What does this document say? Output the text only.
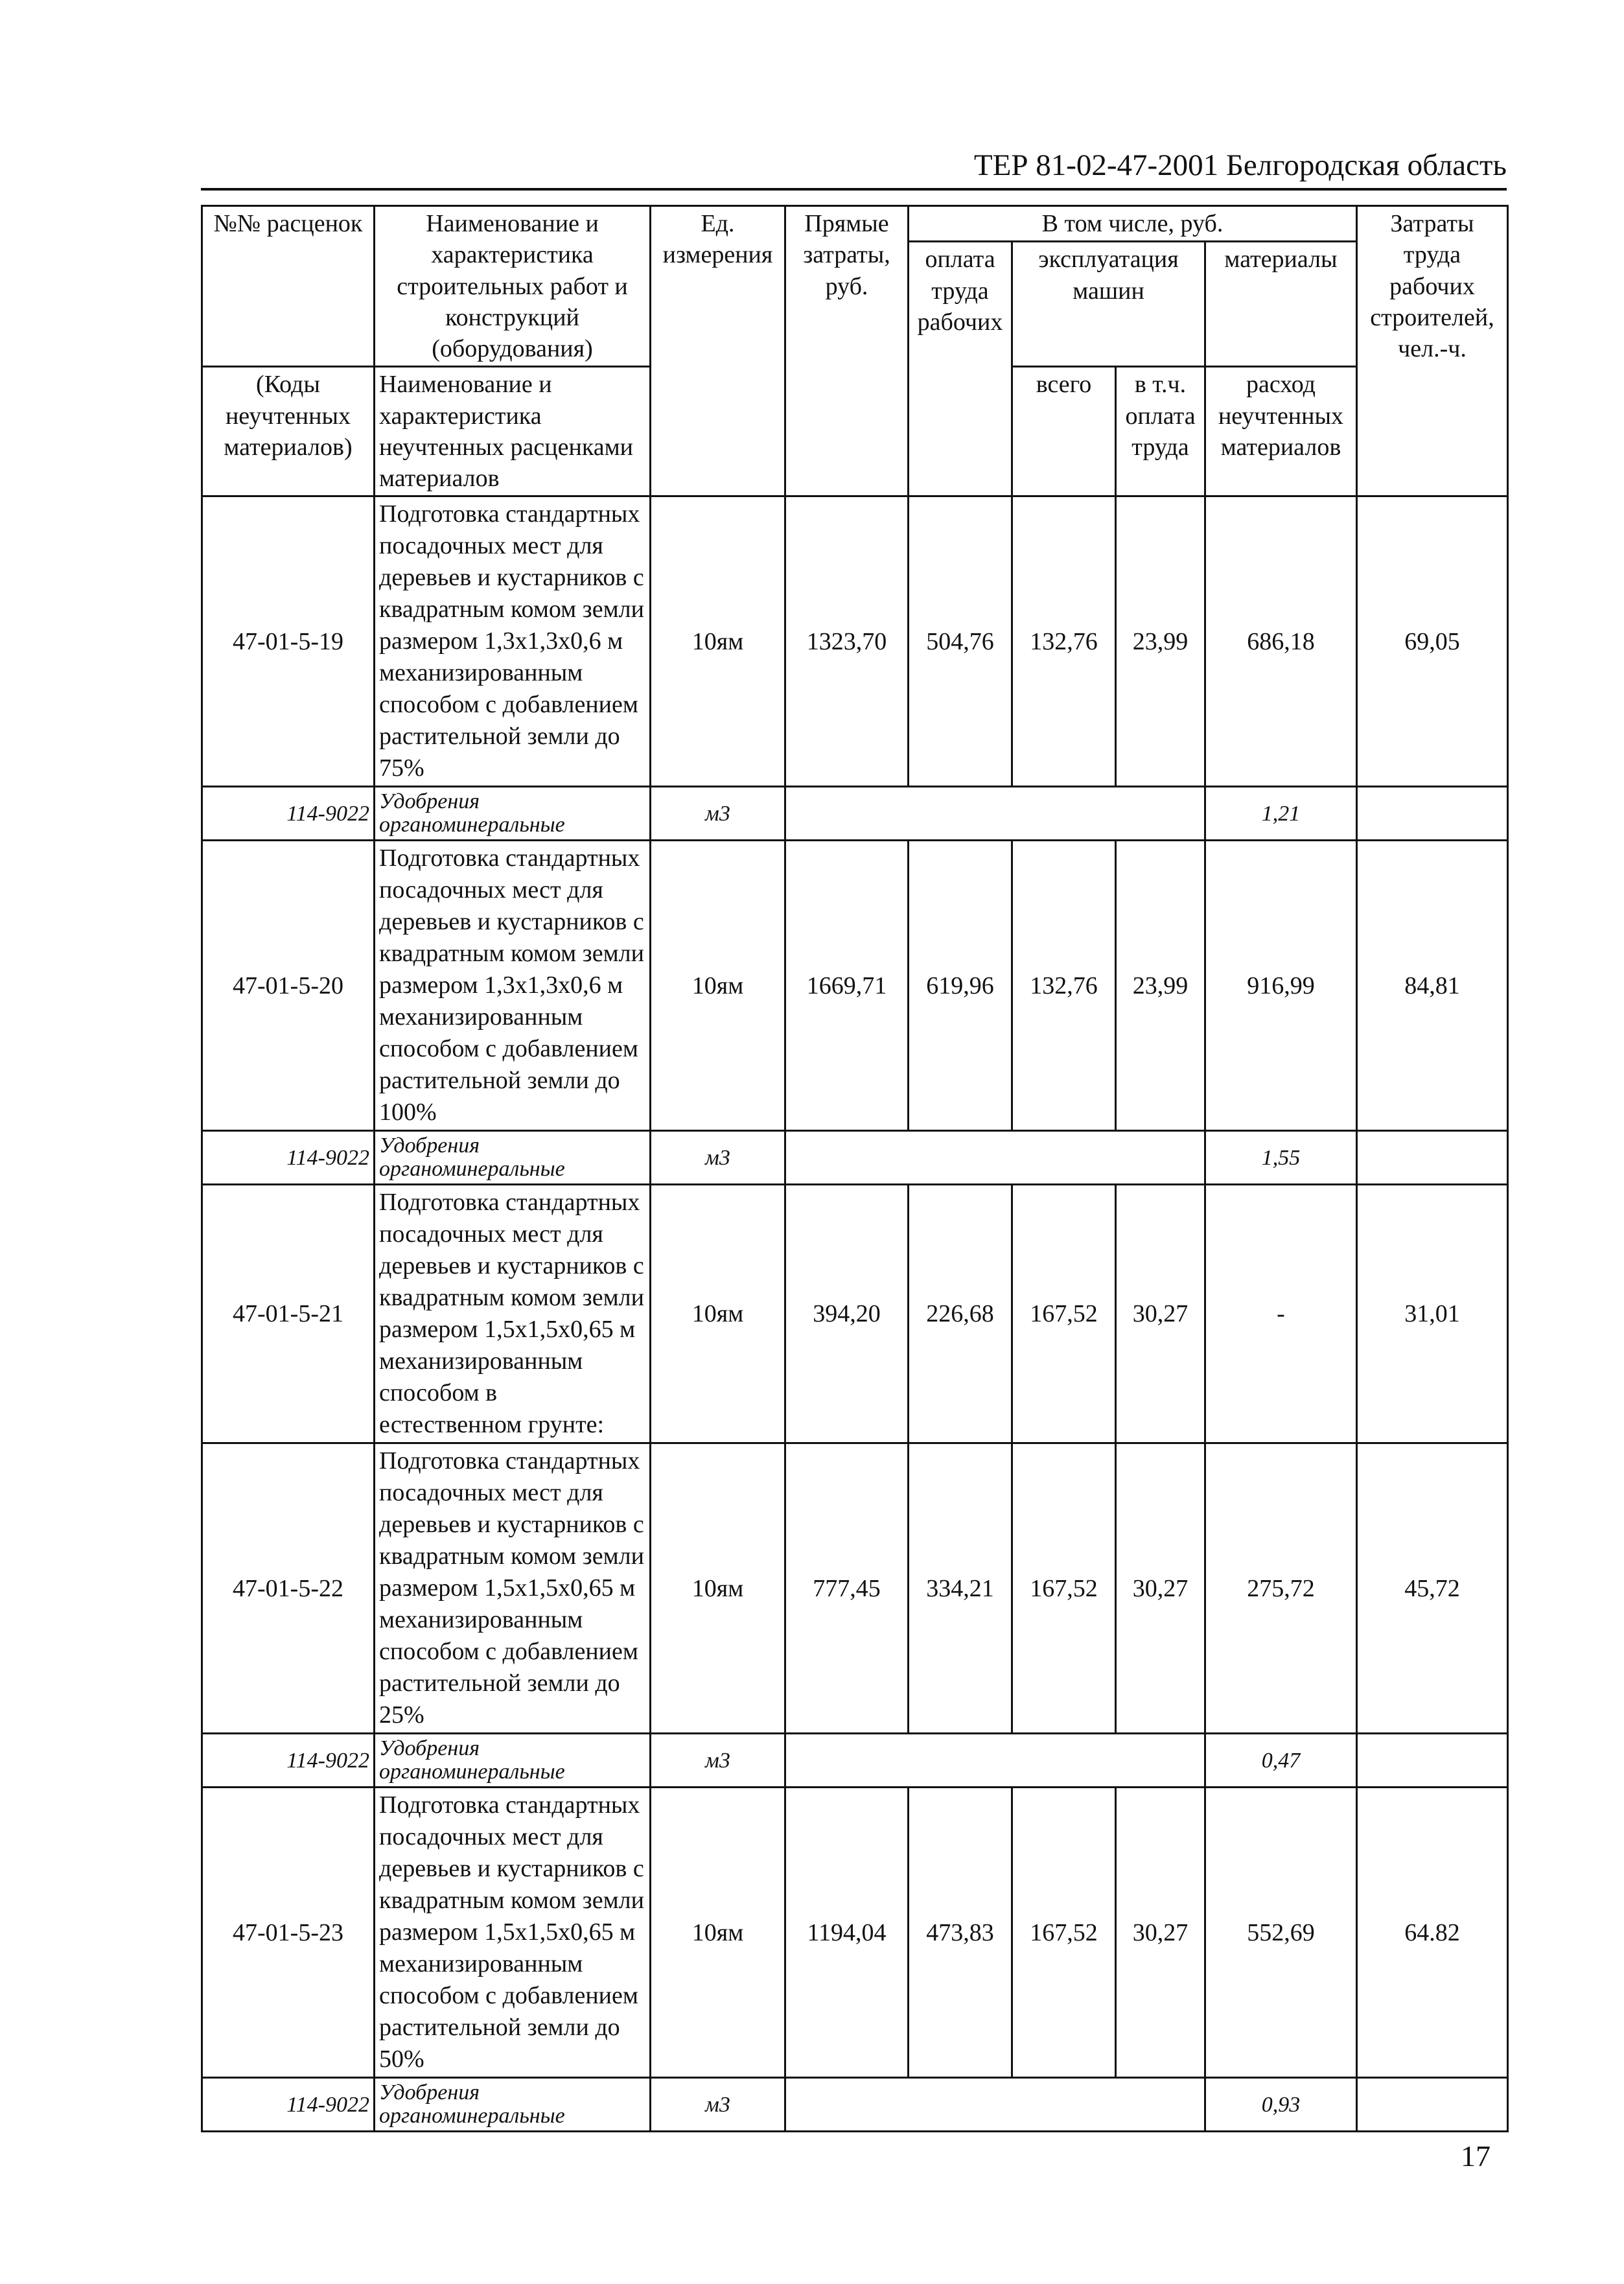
ТЕР 81-02-47-2001 Белгородская область
№№ расценок	Наименование и характеристика строительных работ и конструкций (оборудования)	Ед. измерения	Прямые затраты, руб.	В том числе, руб.				Затраты труда рабочих строителей, чел.-ч.
				оплата труда рабочих	эксплуатация машин		материалы	
(Коды неучтенных материалов)	Наименование и характеристика неучтенных расценками материалов				всего	в т.ч. оплата труда	расход неучтенных материалов	

47-01-5-19	Подготовка стандартных посадочных мест для деревьев и кустарников с квадратным комом земли размером 1,3x1,3x0,6 м механизированным способом с добавлением растительной земли до 75%	10ям	1323,70	504,76	132,76	23,99	686,18	69,05
114-9022	Удобрения органоминеральные	м3					1,21	
47-01-5-20	Подготовка стандартных посадочных мест для деревьев и кустарников с квадратным комом земли размером 1,3x1,3x0,6 м механизированным способом с добавлением растительной земли до 100%	10ям	1669,71	619,96	132,76	23,99	916,99	84,81
114-9022	Удобрения органоминеральные	м3					1,55	
47-01-5-21	Подготовка стандартных посадочных мест для деревьев и кустарников с квадратным комом земли размером 1,5x1,5x0,65 м механизированным способом в естественном грунте:	10ям	394,20	226,68	167,52	30,27	-	31,01
47-01-5-22	Подготовка стандартных посадочных мест для деревьев и кустарников с квадратным комом земли размером 1,5x1,5x0,65 м механизированным способом с добавлением растительной земли до 25%	10ям	777,45	334,21	167,52	30,27	275,72	45,72
114-9022	Удобрения органоминеральные	м3					0,47	
47-01-5-23	Подготовка стандартных посадочных мест для деревьев и кустарников с квадратным комом земли размером 1,5x1,5x0,65 м механизированным способом с добавлением растительной земли до 50%	10ям	1194,04	473,83	167,52	30,27	552,69	64.82
114-9022	Удобрения органоминеральные	м3					0,93	
17
